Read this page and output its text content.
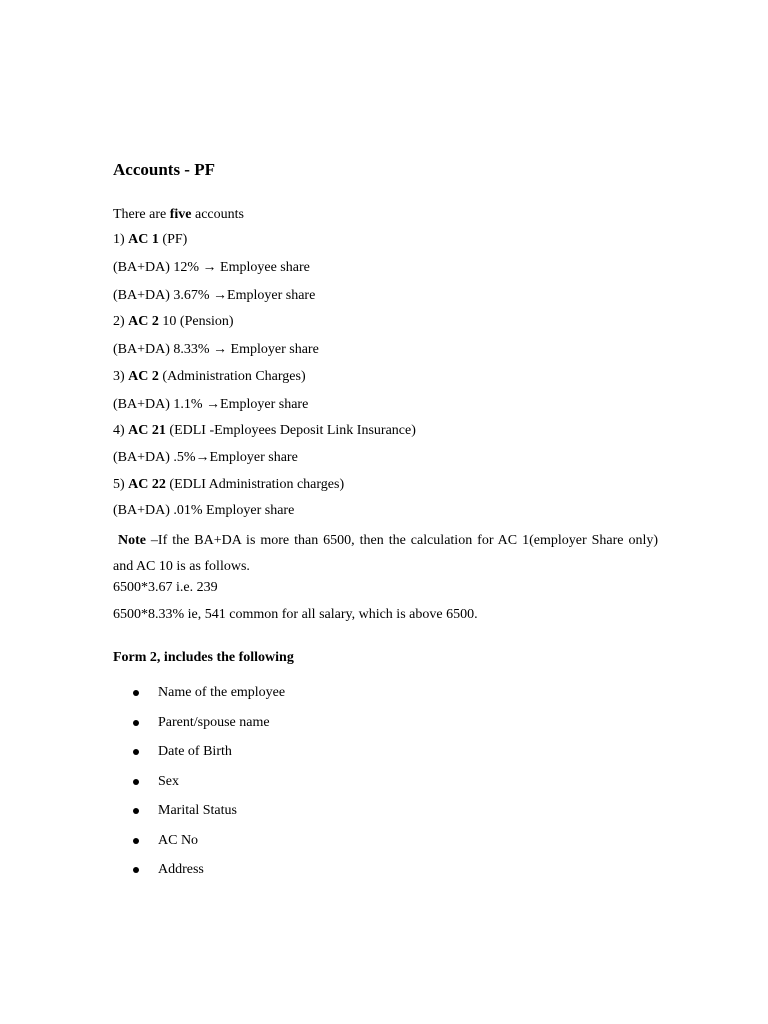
Accounts - PF
There are five accounts
1) AC 1 (PF)
(BA+DA) 12% → Employee share
(BA+DA) 3.67% →Employer share
2) AC 2 10 (Pension)
(BA+DA) 8.33% → Employer share
3) AC 2 (Administration Charges)
(BA+DA) 1.1% →Employer share
4) AC 21 (EDLI -Employees Deposit Link Insurance)
(BA+DA) .5%→Employer share
5) AC 22 (EDLI Administration charges)
(BA+DA) .01% Employer share
Note –If the BA+DA is more than 6500, then the calculation for AC 1(employer Share only) and AC 10 is as follows.
6500*3.67 i.e. 239
6500*8.33% ie, 541 common for all salary, which is above 6500.
Form 2, includes the following
Name of the employee
Parent/spouse name
Date of Birth
Sex
Marital Status
AC No
Address
